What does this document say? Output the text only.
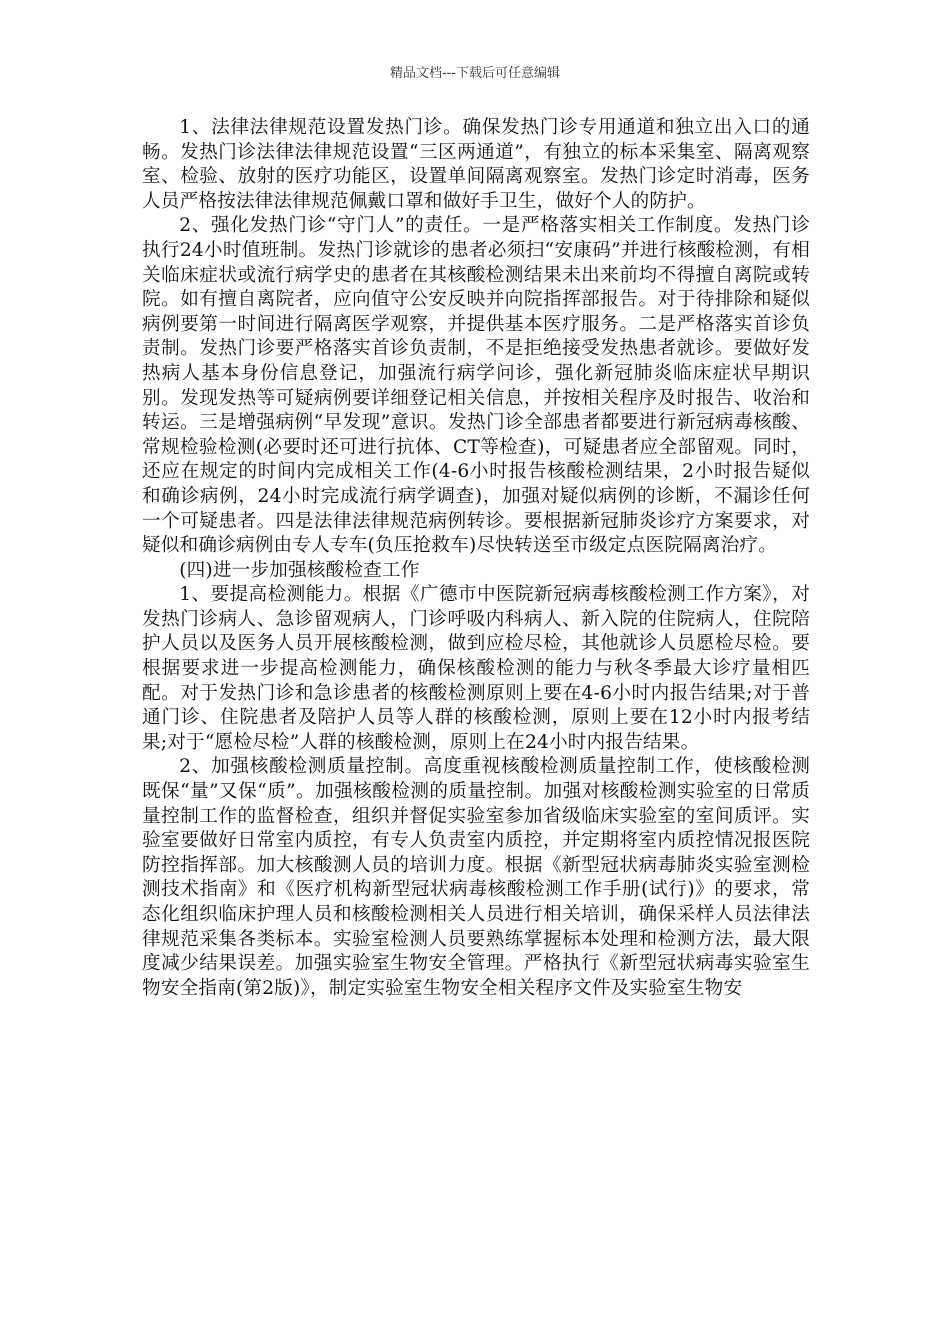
精品文档---下载后可任意编辑

1、法律法律规范设置发热门诊。确保发热门诊专用通道和独立出入口的通畅。发热门诊法律法律规范设置“三区两通道”，有独立的标本采集室、隔离观察室、检验、放射的医疗功能区，设置单间隔离观察室。发热门诊定时消毒，医务人员严格按法律法律规范佩戴口罩和做好手卫生，做好个人的防护。

2、强化发热门诊“守门人”的责任。一是严格落实相关工作制度。发热门诊执行24小时值班制。发热门诊就诊的患者必须扫“安康码”并进行核酸检测，有相关临床症状或流行病学史的患者在其核酸检测结果未出来前均不得擅自离院或转院。如有擅自离院者，应向值守公安反映并向院指挥部报告。对于待排除和疑似病例要第一时间进行隔离医学观察，并提供基本医疗服务。二是严格落实首诊负责制。发热门诊要严格落实首诊负责制，不是拒绝接受发热患者就诊。要做好发热病人基本身份信息登记，加强流行病学问诊，强化新冠肺炎临床症状早期识别。发现发热等可疑病例要详细登记相关信息，并按相关程序及时报告、收治和转运。三是增强病例“早发现”意识。发热门诊全部患者都要进行新冠病毒核酸、常规检验检测(必要时还可进行抗体、CT等检查)，可疑患者应全部留观。同时，还应在规定的时间内完成相关工作(4-6小时报告核酸检测结果，2小时报告疑似和确诊病例，24小时完成流行病学调查)，加强对疑似病例的诊断，不漏诊任何一个可疑患者。四是法律法律规范病例转诊。要根据新冠肺炎诊疗方案要求，对疑似和确诊病例由专人专车(负压抢救车)尽快转送至市级定点医院隔离治疗。

(四)进一步加强核酸检查工作

1、要提高检测能力。根据《广德市中医院新冠病毒核酸检测工作方案》，对发热门诊病人、急诊留观病人，门诊呼吸内科病人、新入院的住院病人，住院陪护人员以及医务人员开展核酸检测，做到应检尽检，其他就诊人员愿检尽检。要根据要求进一步提高检测能力，确保核酸检测的能力与秋冬季最大诊疗量相匹配。对于发热门诊和急诊患者的核酸检测原则上要在4-6小时内报告结果;对于普通门诊、住院患者及陪护人员等人群的核酸检测，原则上要在12小时内报考结果;对于“愿检尽检”人群的核酸检测，原则上在24小时内报告结果。

2、加强核酸检测质量控制。高度重视核酸检测质量控制工作，使核酸检测既保“量”又保“质”。加强核酸检测的质量控制。加强对核酸检测实验室的日常质量控制工作的监督检查，组织并督促实验室参加省级临床实验室的室间质评。实验室要做好日常室内质控，有专人负责室内质控，并定期将室内质控情况报医院防控指挥部。加大核酸测人员的培训力度。根据《新型冠状病毒肺炎实验室测检测技术指南》和《医疗机构新型冠状病毒核酸检测工作手册(试行)》的要求，常态化组织临床护理人员和核酸检测相关人员进行相关培训，确保采样人员法律法律规范采集各类标本。实验室检测人员要熟练掌握标本处理和检测方法，最大限度减少结果误差。加强实验室生物安全管理。严格执行《新型冠状病毒实验室生物安全指南(第2版)》，制定实验室生物安全相关程序文件及实验室生物安
